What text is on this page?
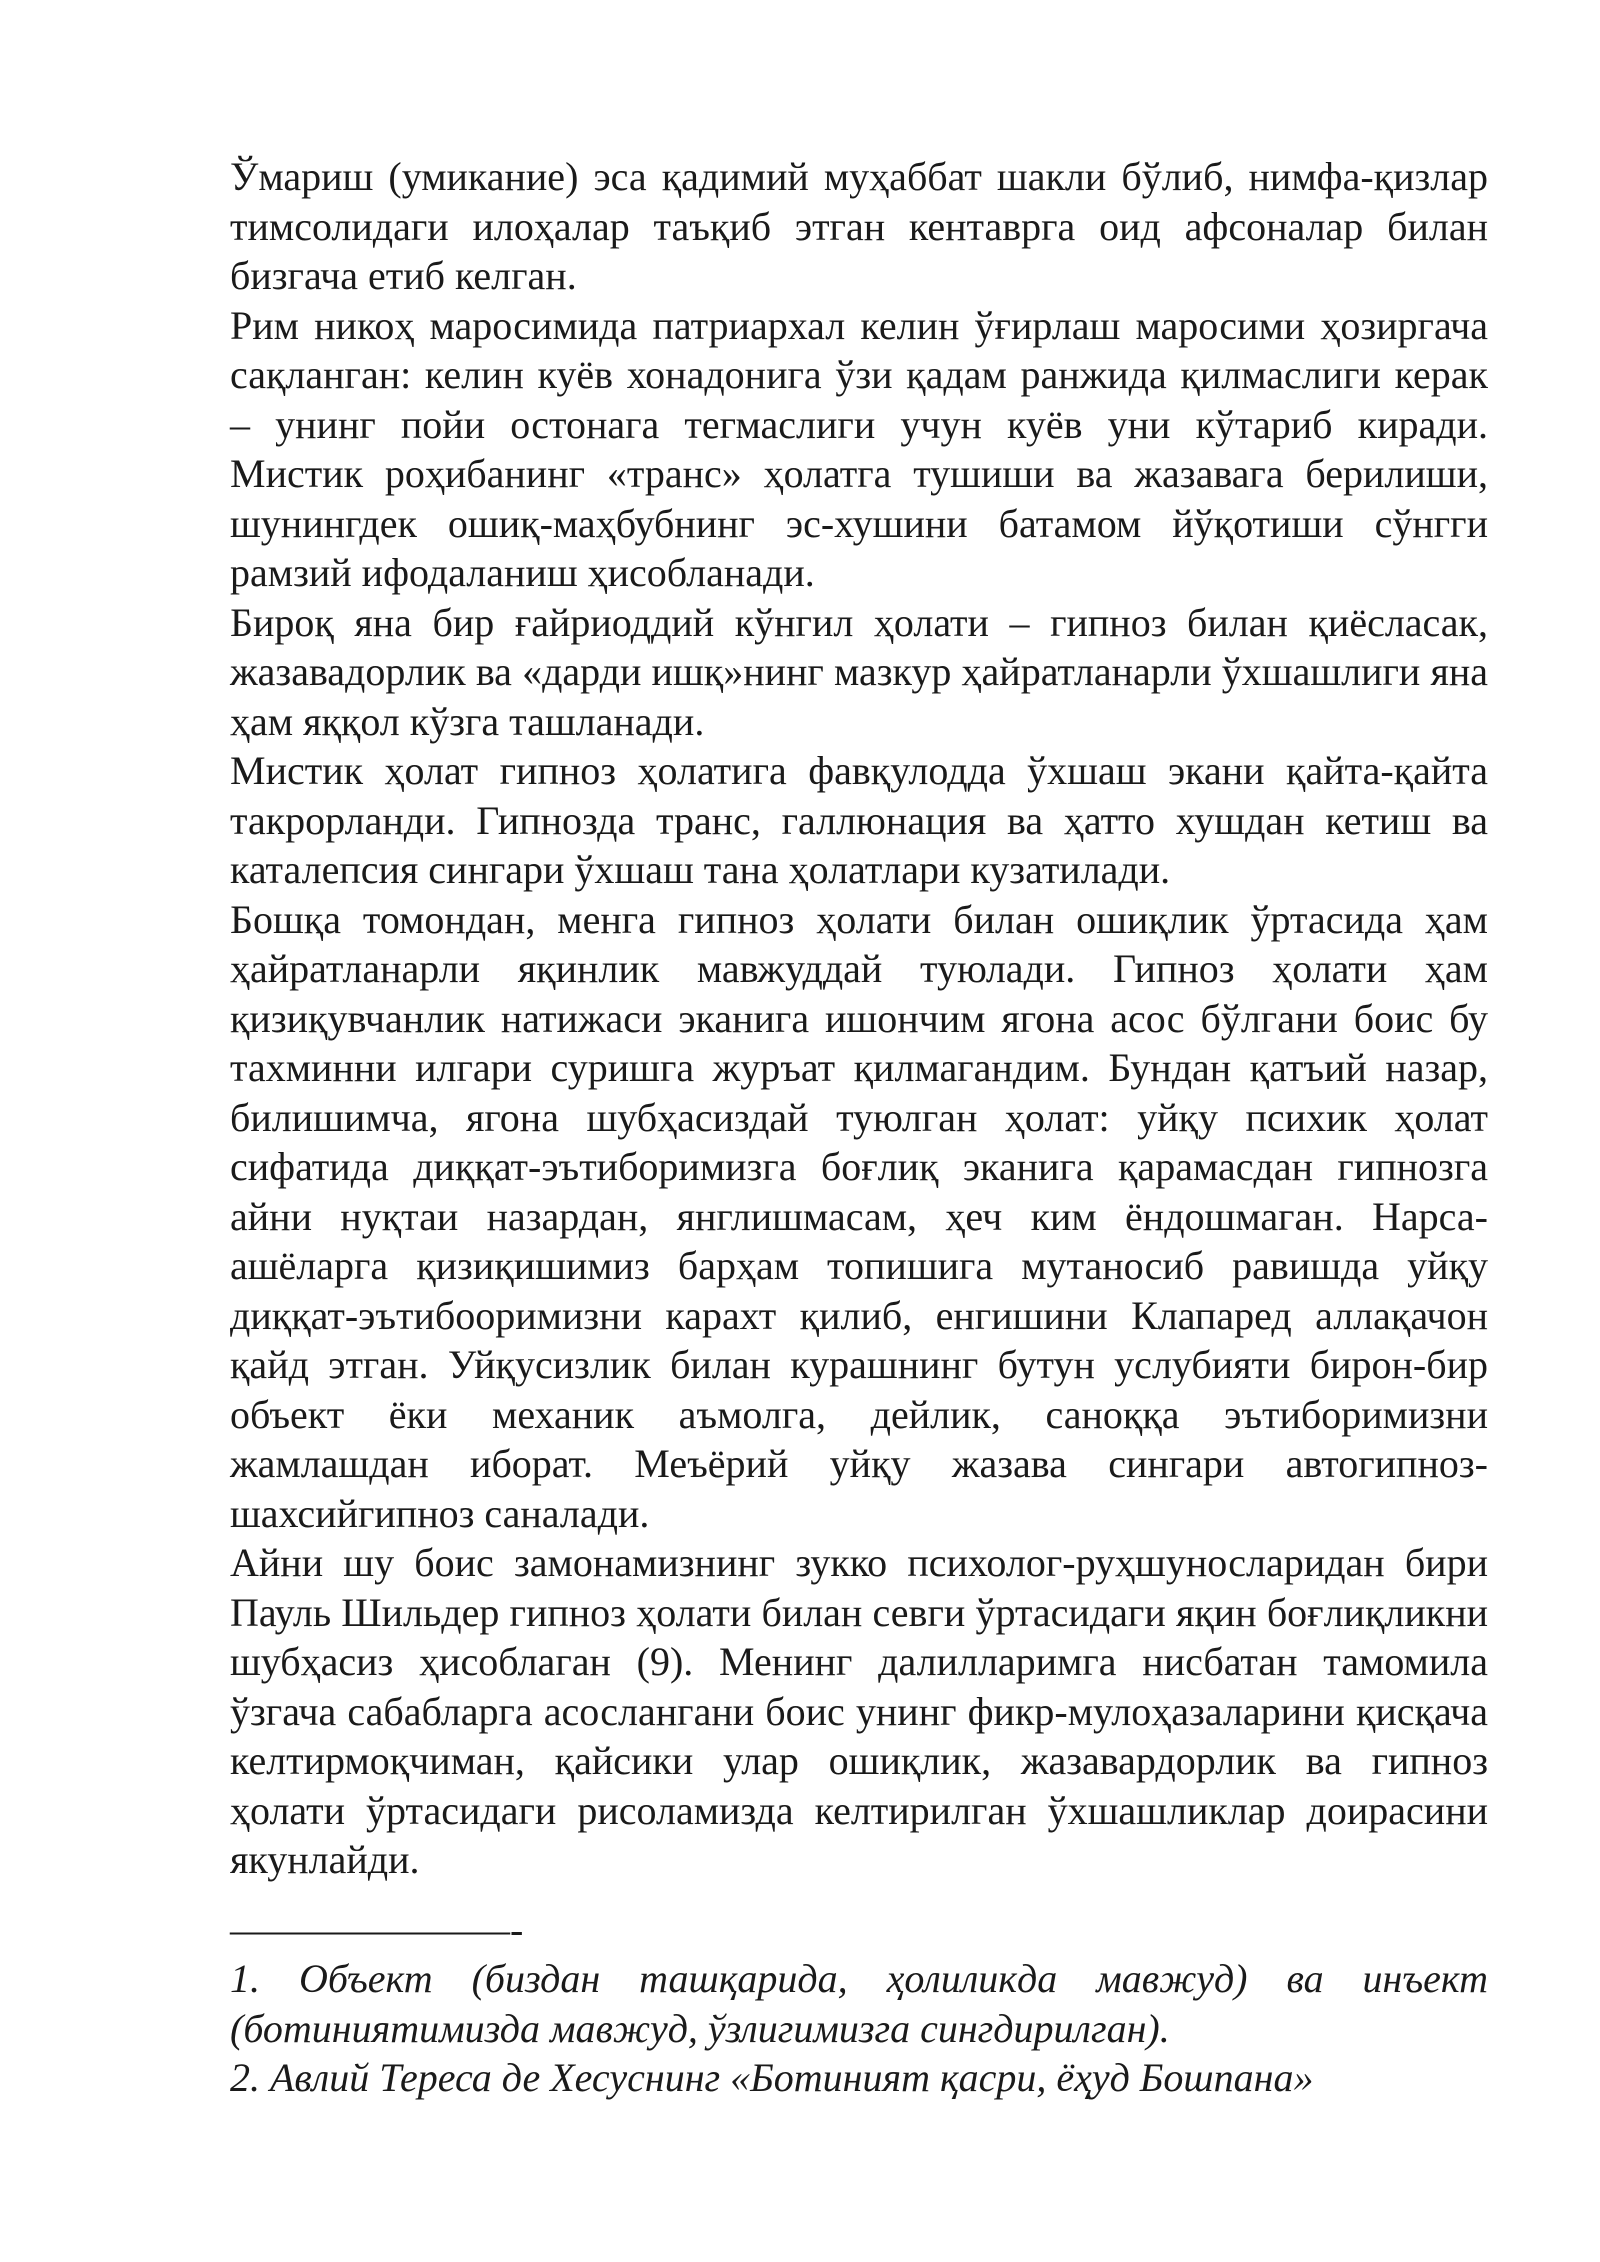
Ўмариш (умикание) эса қадимий муҳаббат шакли бўлиб, нимфа-қизлар тимсолидаги илоҳалар таъқиб этган кентаврга оид афсоналар билан бизгача етиб келган.

Рим никоҳ маросимида патриархал келин ўғирлаш маросими ҳозиргача сақланган: келин куёв хонадонига ўзи қадам ранжида қилмаслиги керак – унинг пойи остонага тегмаслиги учун куёв уни кўтариб киради. Мистик роҳибанинг «транс» ҳолатга тушиши ва жазавага берилиши, шунингдек ошиқ-маҳбубнинг эс-хушини батамом йўқотиши сўнгги рамзий ифодаланиш ҳисобланади.

Бироқ яна бир ғайриоддий кўнгил ҳолати – гипноз билан қиёсласак, жазавадорлик ва «дарди ишқ»нинг мазкур ҳайратланарли ўхшашлиги яна ҳам яққол кўзга ташланади.

Мистик ҳолат гипноз ҳолатига фавқулодда ўхшаш экани қайта-қайта такрорланди. Гипнозда транс, галлюнация ва ҳатто хушдан кетиш ва каталепсия сингари ўхшаш тана ҳолатлари кузатилади.

Бошқа томондан, менга гипноз ҳолати билан ошиқлик ўртасида ҳам ҳайратланарли яқинлик мавжуддай туюлади. Гипноз ҳолати ҳам қизиқувчанлик натижаси эканига ишончим ягона асос бўлгани боис бу тахминни илгари суришга журъат қилмагандим. Бундан қатъий назар, билишимча, ягона шубҳасиздай туюлган ҳолат: уйқу психик ҳолат сифатида диққат-эътиборимизга боғлиқ эканига қарамасдан гипнозга айни нуқтаи назардан, янглишмасам, ҳеч ким ёндошмаган. Нарса-ашёларга қизиқишимиз барҳам топишига мутаносиб равишда уйқу диққат-эътибооримизни карахт қилиб, енгишини Клапаред аллақачон қайд этган. Уйқусизлик билан курашнинг бутун услубияти бирон-бир объект ёки механик аъмолга, дейлик, саноққа эътиборимизни жамлашдан иборат. Меъёрий уйқу жазава сингари автогипноз-шахсийгипноз саналади.

Айни шу боис замонамизнинг зукко психолог-руҳшуносларидан бири Пауль Шильдер гипноз ҳолати билан севги ўртасидаги яқин боғлиқликни шубҳасиз ҳисоблаган (9). Менинг далилларимга нисбатан тамомила ўзгача сабабларга асослангани боис унинг фикр-мулоҳазаларини қисқача келтирмоқчиман, қайсики улар ошиқлик, жазавардорлик ва гипноз ҳолати ўртасидаги рисоламизда келтирилган ўхшашликлар доирасини якунлайди.

———————-

1. Объект (биздан ташқарида, ҳолиликда мавжуд) ва инъект (ботиниятимизда мавжуд, ўзлигимизга сингдирилган).

2. Авлий Тереса де Хесуснинг «Ботиният қасри, ёҳуд Бошпана»
